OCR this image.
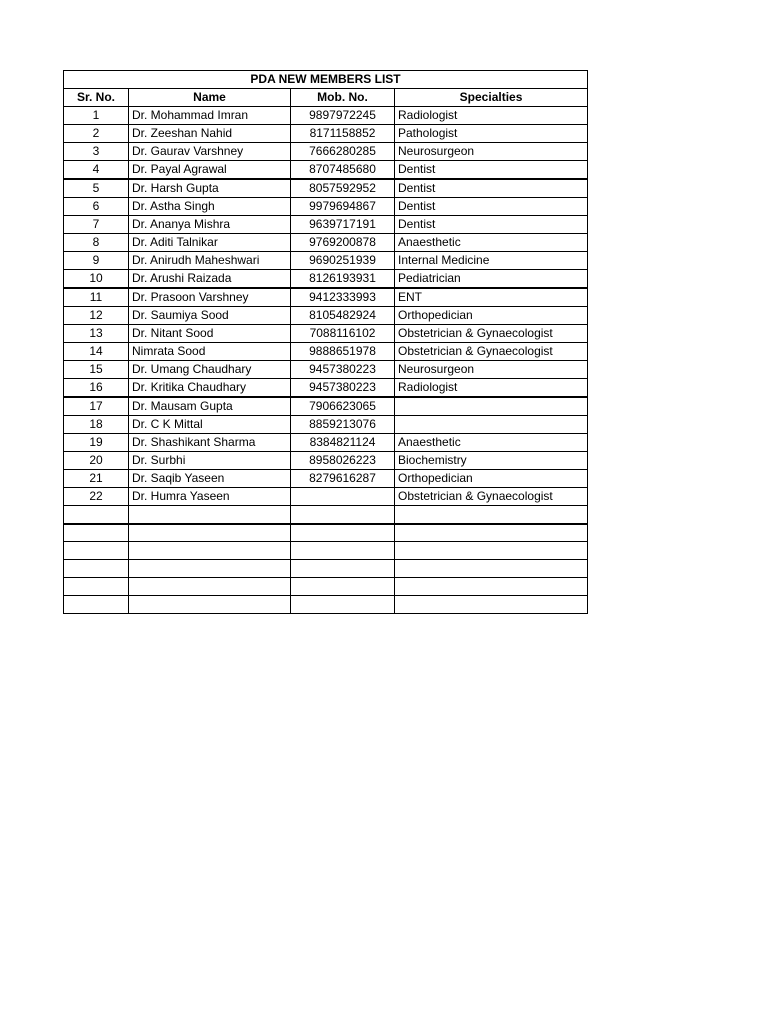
PDA NEW MEMBERS LIST			
Sr. No.	Name	Mob. No.	Specialties
1	Dr. Mohammad Imran	9897972245	Radiologist
2	Dr. Zeeshan Nahid	8171158852	Pathologist
3	Dr. Gaurav Varshney	7666280285	Neurosurgeon
4	Dr. Payal Agrawal	8707485680	Dentist
5	Dr. Harsh Gupta	8057592952	Dentist
6	Dr. Astha Singh	9979694867	Dentist
7	Dr. Ananya Mishra	9639717191	Dentist
8	Dr. Aditi Talnikar	9769200878	Anaesthetic
9	Dr. Anirudh Maheshwari	9690251939	Internal Medicine
10	Dr. Arushi Raizada	8126193931	Pediatrician
11	Dr. Prasoon Varshney	9412333993	ENT
12	Dr. Saumiya Sood	8105482924	Orthopedician
13	Dr. Nitant Sood	7088116102	Obstetrician & Gynaecologist
14	Nimrata Sood	9888651978	Obstetrician & Gynaecologist
15	Dr. Umang Chaudhary	9457380223	Neurosurgeon
16	Dr. Kritika Chaudhary	9457380223	Radiologist
17	Dr. Mausam Gupta	7906623065	
18	Dr. C K Mittal	8859213076	
19	Dr. Shashikant Sharma	8384821124	Anaesthetic
20	Dr. Surbhi	8958026223	Biochemistry
21	Dr. Saqib Yaseen	8279616287	Orthopedician
22	Dr. Humra Yaseen		Obstetrician & Gynaecologist
